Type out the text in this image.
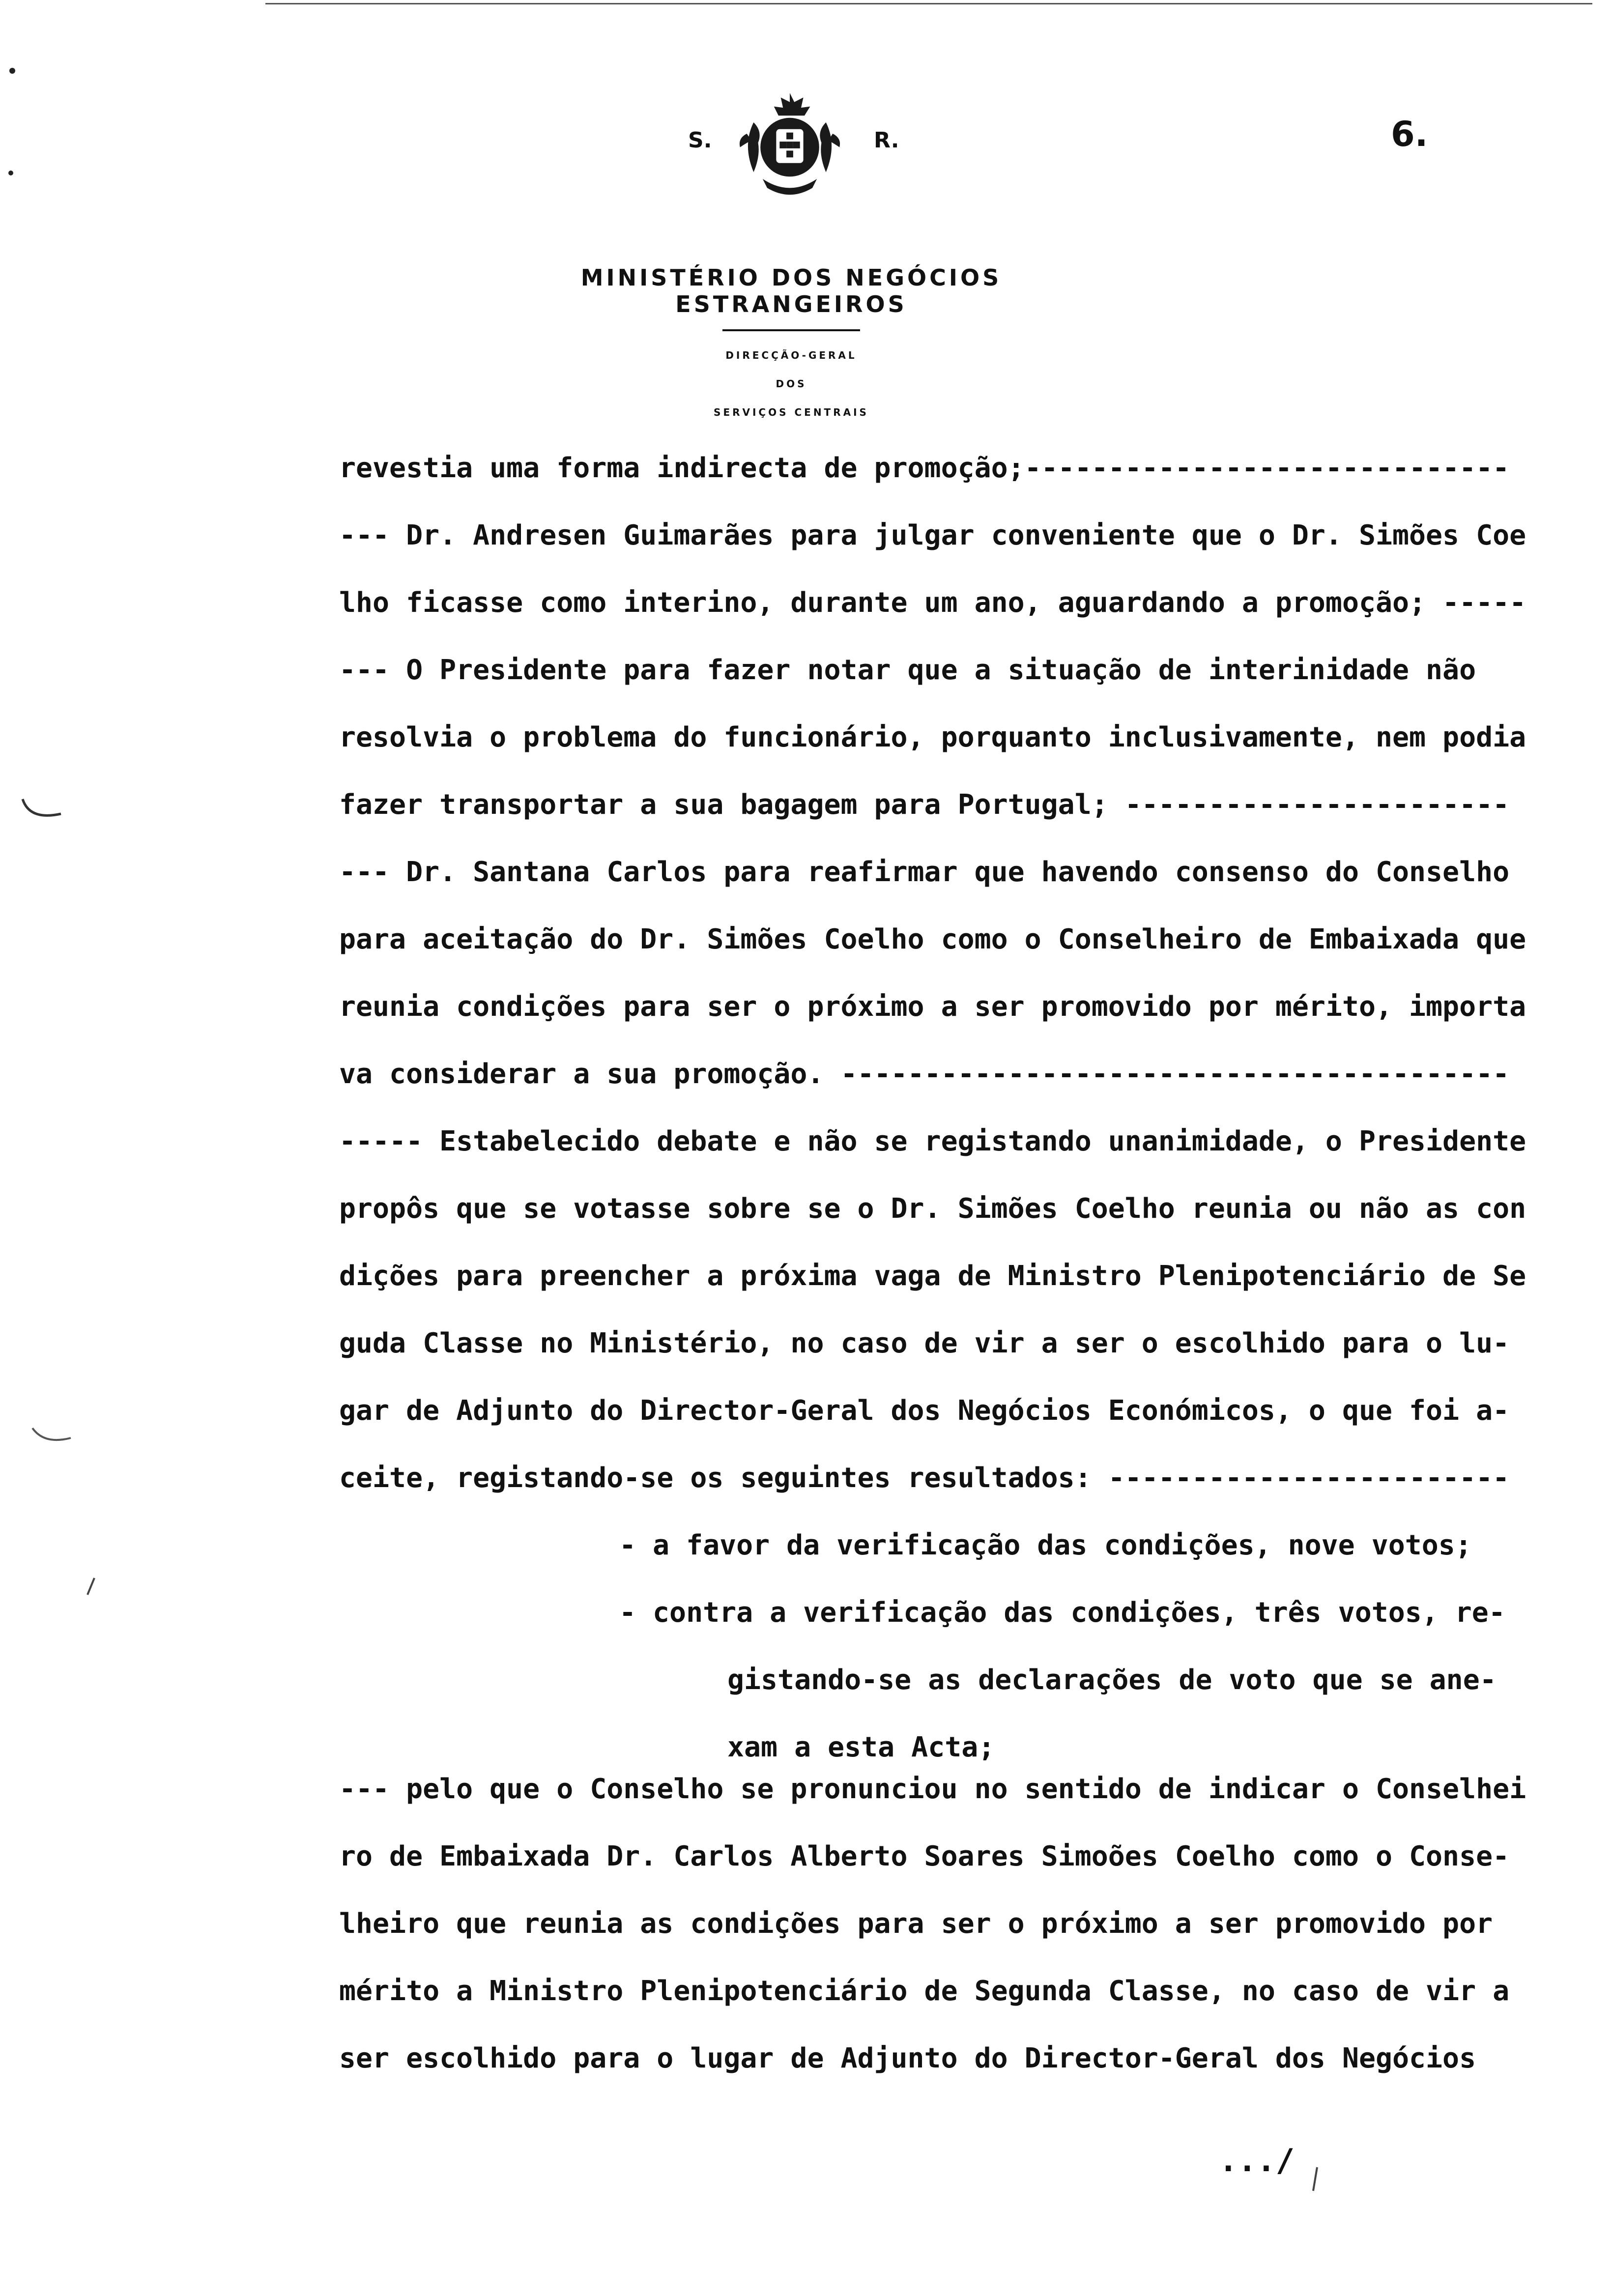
S.	R.
MINISTÉRIO DOS NEGÓCIOS ESTRANGEIROS
DIRECÇÃO-GERAL
DOS
SERVIÇOS CENTRAIS
6.
revestia uma forma indirecta de promoção;-----------------------------
--- Dr. Andresen Guimarães para julgar conveniente que o Dr. Simões Coe
lho ficasse como interino, durante um ano, aguardando a promoção; -----
--- O Presidente para fazer notar que a situação de interinidade não
resolvia o problema do funcionário, porquanto inclusivamente, nem podia
fazer transportar a sua bagagem para Portugal; -----------------------
--- Dr. Santana Carlos para reafirmar que havendo consenso do Conselho
para aceitação do Dr. Simões Coelho como o Conselheiro de Embaixada que
reunia condições para ser o próximo a ser promovido por mérito, importa
va considerar a sua promoção. ----------------------------------------
----- Estabelecido debate e não se registando unanimidade, o Presidente
propôs que se votasse sobre se o Dr. Simões Coelho reunia ou não as con
dições para preencher a próxima vaga de Ministro Plenipotenciário de Se
guda Classe no Ministério, no caso de vir a ser o escolhido para o lu-
gar de Adjunto do Director-Geral dos Negócios Económicos, o que foi a-
ceite, registando-se os seguintes resultados: ------------------------
- a favor da verificação das condições, nove votos;
- contra a verificação das condições, três votos, re-
gistando-se as declarações de voto que se ane-
xam a esta Acta;
--- pelo que o Conselho se pronunciou no sentido de indicar o Conselhei
ro de Embaixada Dr. Carlos Alberto Soares Simoões Coelho como o Conse-
lheiro que reunia as condições para ser o próximo a ser promovido por
mérito a Ministro Plenipotenciário de Segunda Classe, no caso de vir a
ser escolhido para o lugar de Adjunto do Director-Geral dos Negócios
.../
